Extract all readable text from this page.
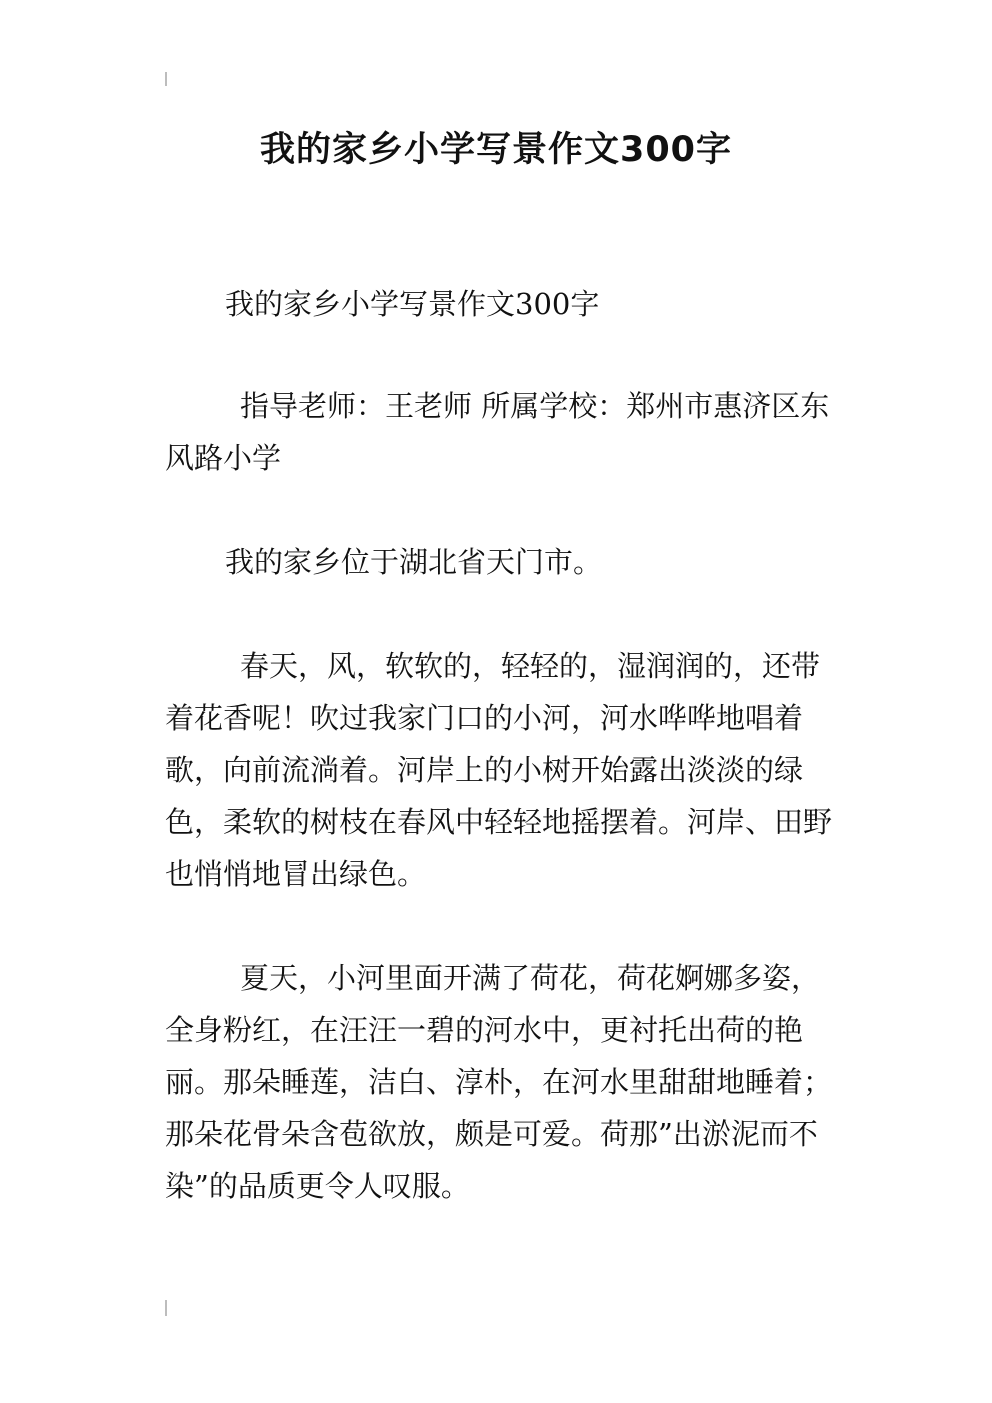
我的家乡小学写景作文300字

我的家乡小学写景作文300字

指导老师：王老师 所属学校：郑州市惠济区东风路小学

我的家乡位于湖北省天门市。

春天，风，软软的，轻轻的，湿润润的，还带着花香呢！吹过我家门口的小河，河水哗哗地唱着歌，向前流淌着。河岸上的小树开始露出淡淡的绿色，柔软的树枝在春风中轻轻地摇摆着。河岸、田野也悄悄地冒出绿色。

夏天，小河里面开满了荷花，荷花婀娜多姿，全身粉红，在汪汪一碧的河水中，更衬托出荷的艳丽。那朵睡莲，洁白、淳朴，在河水里甜甜地睡着；那朵花骨朵含苞欲放，颇是可爱。荷那”出淤泥而不染”的品质更令人叹服。
